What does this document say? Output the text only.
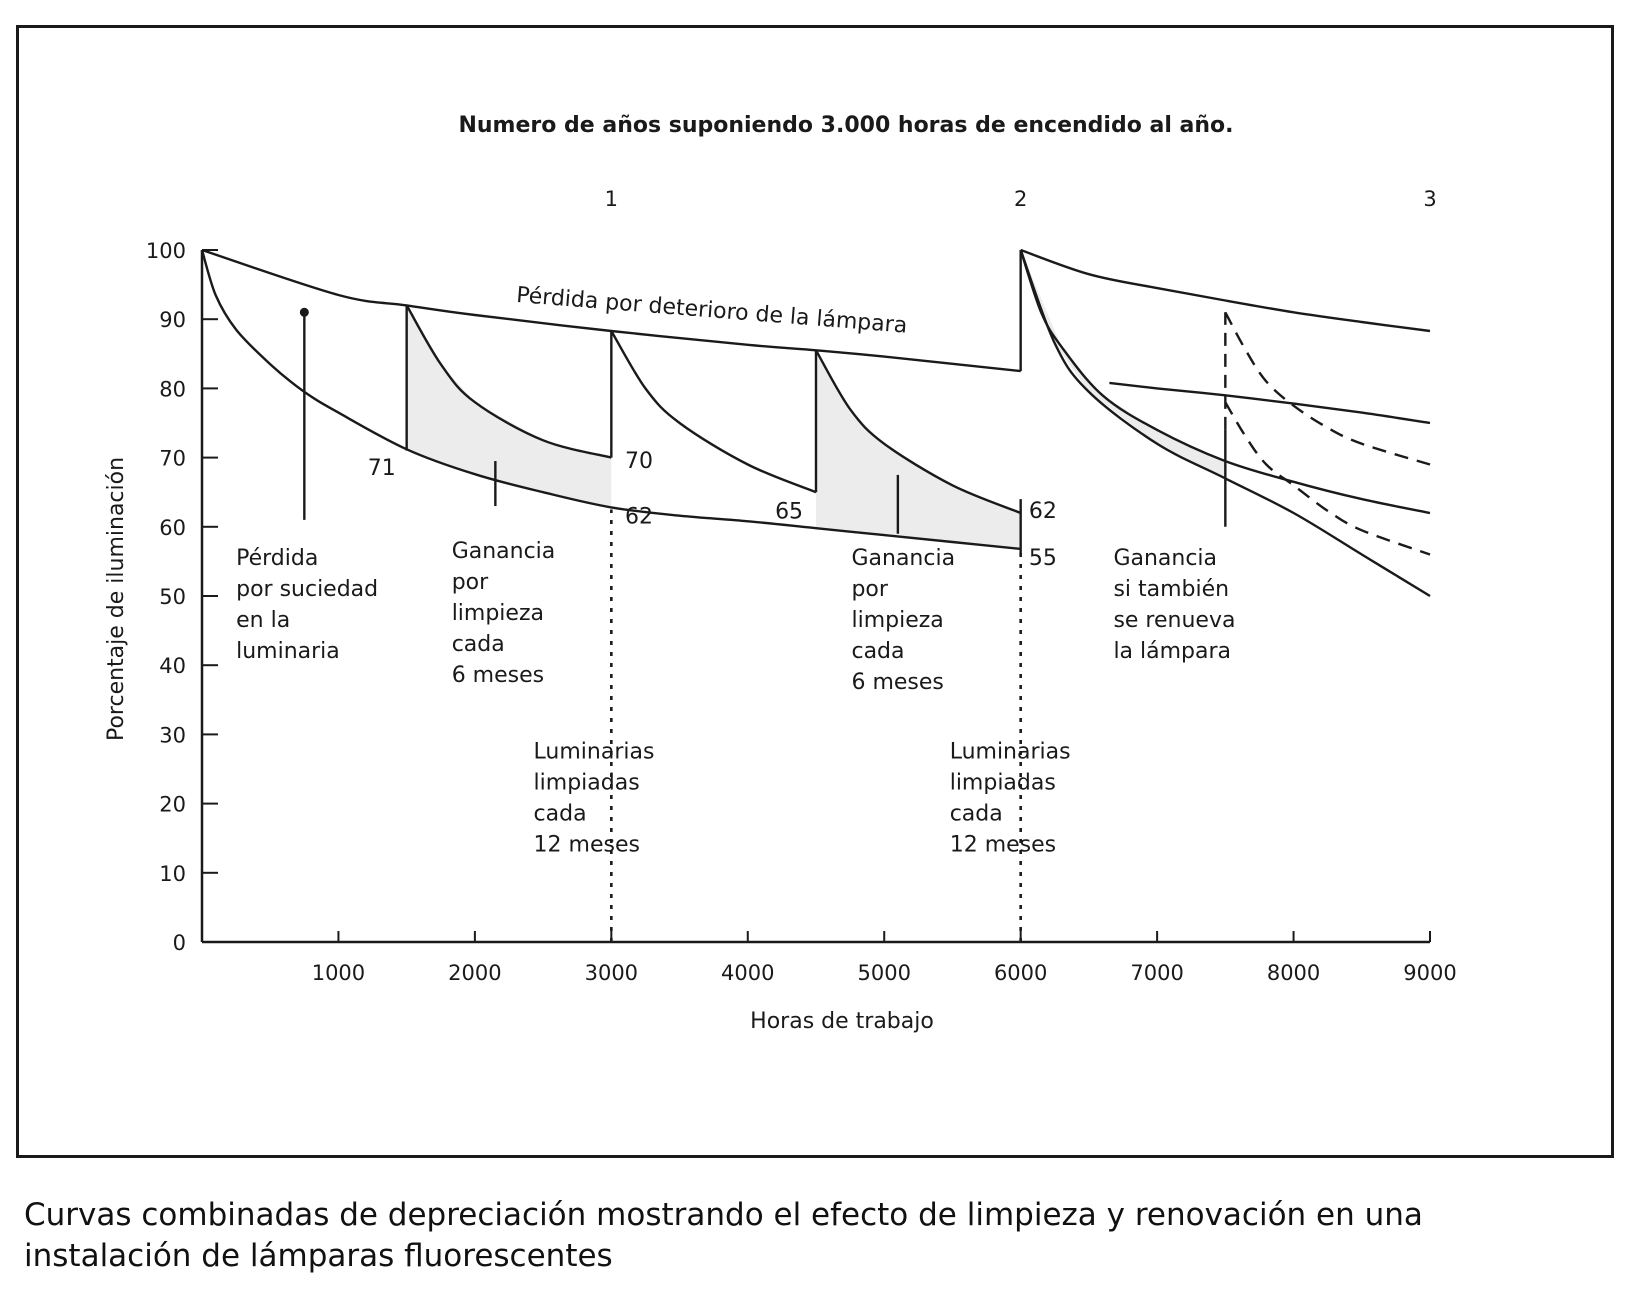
1000	2000	3000	4000	5000	6000	7000	8000	9000
0
10
20
30
40
50
60
70
80
90
100
1	2	3
Numero de años suponiendo 3.000 horas de encendido al año.
Horas de trabajo
Porcentaje de iluminación
Pérdida por deterioro de la lámpara
71	70
62	65	62
55
Pérdida por suciedad en la luminaria
Ganancia por limpieza cada 6 meses
Luminarias limpiadas cada 12 meses
Ganancia por limpieza cada 6 meses
Luminarias limpiadas cada 12 meses
Ganancia si también se renueva la lámpara
Curvas combinadas de depreciación mostrando el efecto de limpieza y renovación en una
instalación de lámparas fluorescentes
